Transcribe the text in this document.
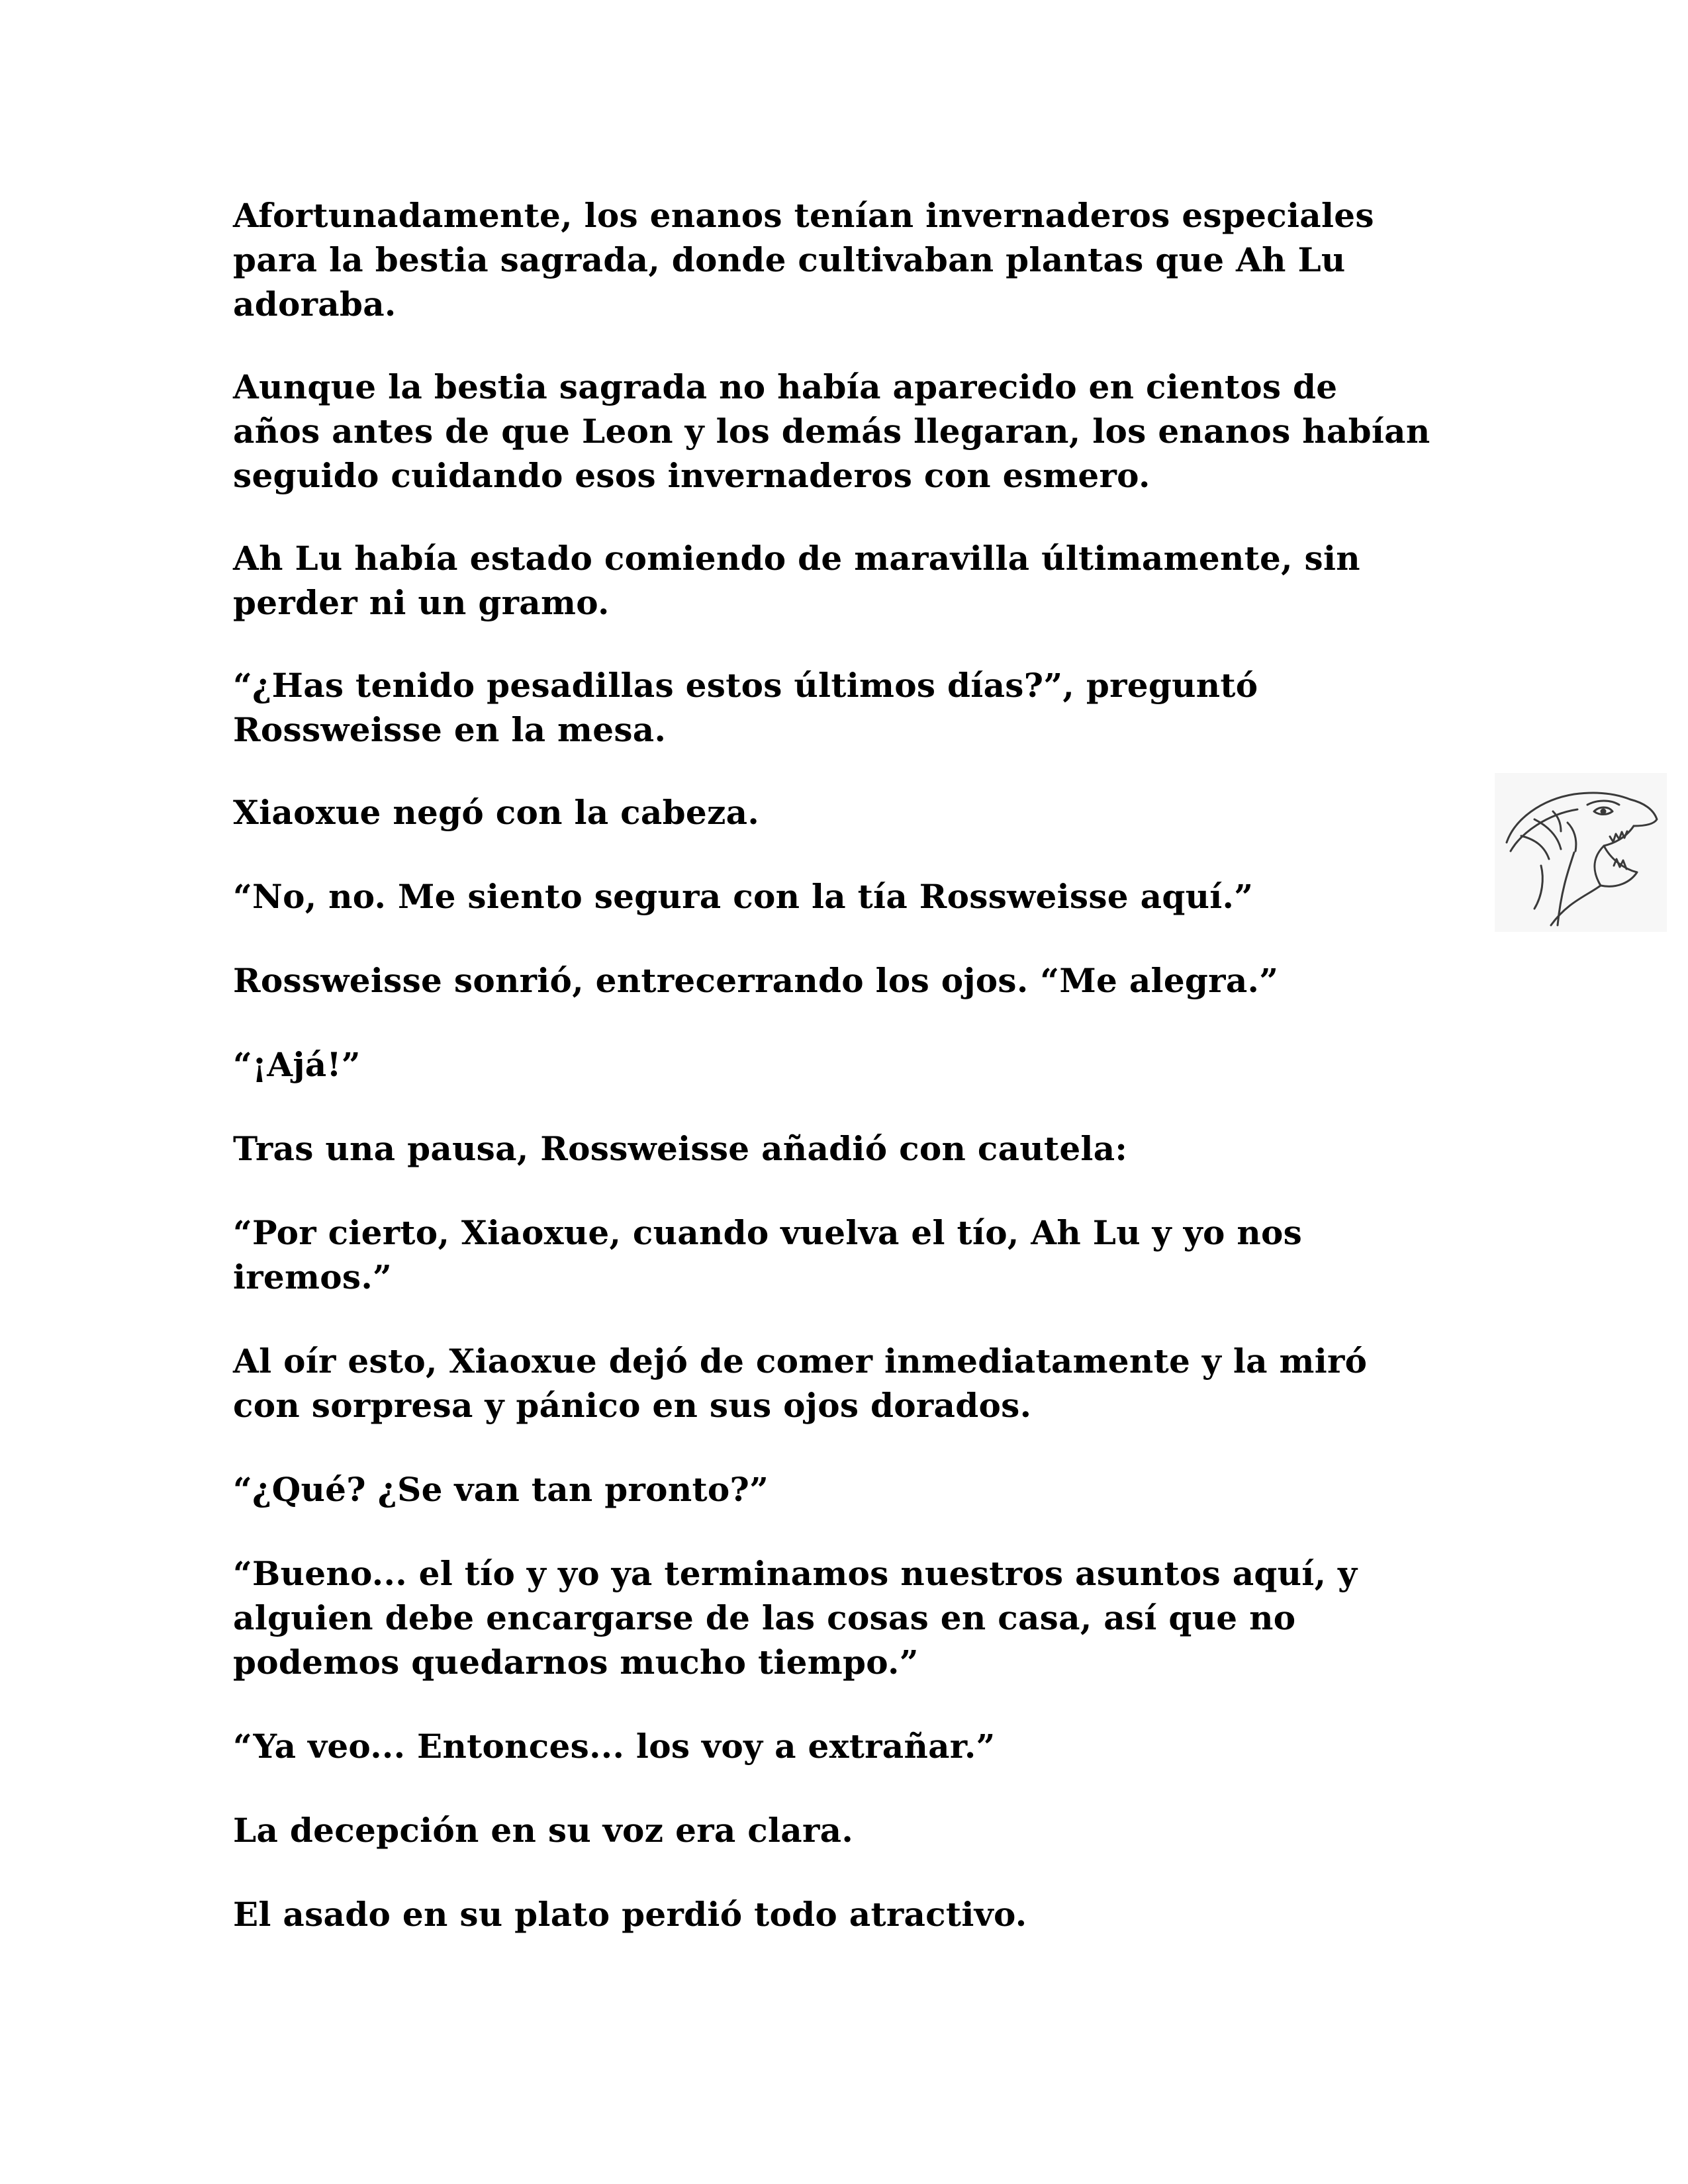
Afortunadamente, los enanos tenían invernaderos especiales
para la bestia sagrada, donde cultivaban plantas que Ah Lu
adoraba.

Aunque la bestia sagrada no había aparecido en cientos de
años antes de que Leon y los demás llegaran, los enanos habían
seguido cuidando esos invernaderos con esmero.

Ah Lu había estado comiendo de maravilla últimamente, sin
perder ni un gramo.

“¿Has tenido pesadillas estos últimos días?”, preguntó
Rossweisse en la mesa.

Xiaoxue negó con la cabeza.

“No, no. Me siento segura con la tía Rossweisse aquí.”

Rossweisse sonrió, entrecerrando los ojos. “Me alegra.”

“¡Ajá!”

Tras una pausa, Rossweisse añadió con cautela:

“Por cierto, Xiaoxue, cuando vuelva el tío, Ah Lu y yo nos
iremos.”

Al oír esto, Xiaoxue dejó de comer inmediatamente y la miró
con sorpresa y pánico en sus ojos dorados.

“¿Qué? ¿Se van tan pronto?”

“Bueno... el tío y yo ya terminamos nuestros asuntos aquí, y
alguien debe encargarse de las cosas en casa, así que no
podemos quedarnos mucho tiempo.”

“Ya veo... Entonces... los voy a extrañar.”

La decepción en su voz era clara.

El asado en su plato perdió todo atractivo.
